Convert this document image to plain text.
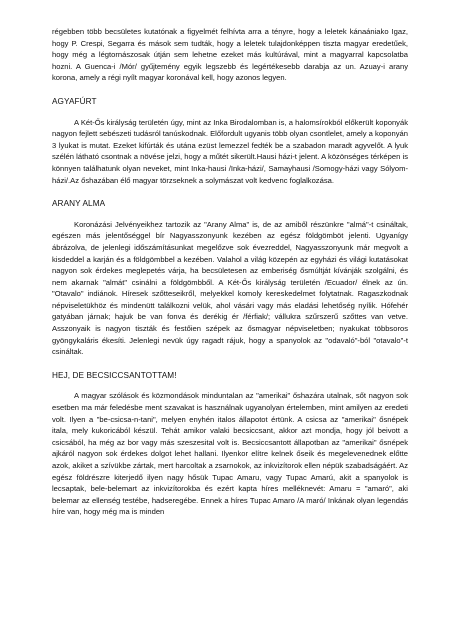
régebben több becsületes kutatónak a figyelmét felhívta arra a tényre, hogy a leletek kánaániako Igaz, hogy P. Crespi, Segarra és mások sem tudták, hogy a leletek tulajdonképpen tiszta magyar eredetűek, hogy még a légtornászosak útján sem lehetne ezeket más kultúrával, mint a magyarral kapcsolatba hozni. A Guenca-i /Mór/ gyűjtemény egyik legszebb és legértékesebb darabja az un. Azuay-i arany korona, amely a régi nyílt magyar koronával kell, hogy azonos legyen.

AGYAFÚRT

A Két-Ős királyság területén úgy, mint az Inka Birodalomban is, a halomsírokból előkerült koponyák nagyon fejlett sebészeti tudásról tanúskodnak. Előfordult ugyanis több olyan csontlelet, amely a koponyán 3 lyukat is mutat. Ezeket kifúrták és utána ezüst lemezzel fedték be a szabadon maradt agyvelőt. A lyuk szélén látható csontnak a növése jelzi, hogy a műtét sikerült.Hausi házi-t jelent. A közönséges térképen is könnyen találhatunk olyan neveket, mint Inka-hausi /Inka-házi/, Samayhausi /Somogy-házi vagy Sólyom-házi/.Az őshazában élő magyar törzseknek a solymászat volt kedvenc foglalkozása.

ARANY ALMA

Koronázási Jelvényeikhez tartozik az "Arany Alma" is, de az amiből részünkre "almá"-t csináltak, egészen más jelentőséggel bír Nagyasszonyunk kezében az egész földgömböt jelenti. Ugyanígy ábrázolva, de jelenlegi időszámításunkat megelőzve sok évezreddel, Nagyasszonyunk már megvolt a kisdeddel a karján és a földgömbbel a kezében. Valahol a világ közepén az egyházi és világi kutatásokat nagyon sok érdekes meglepetés várja, ha becsületesen az emberiség ősmúltját kívánják szolgálni, és nem akarnak "almát" csinálni a földgömbből. A Két-Ős királyság területén /Ecuador/ élnek az ún. "Otavalo" indiánok. Híresek szőtteseikről, melyekkel komoly kereskedelmet folytatnak. Ragaszkodnak népviseletükhöz és mindenütt találkozni velük, ahol vásári vagy más eladási lehetőség nyílik. Hófehér gatyában járnak; hajuk be van fonva és derékig ér /férfiak/; vállukra szűrszerű szőttes van vetve. Asszonyaik is nagyon tiszták és festőien szépek az ősmagyar népviseletben; nyakukat többsoros gyöngykaláris ékesíti. Jelenlegi nevük úgy ragadt rájuk, hogy a spanyolok az "odavaló"-ból "otavalo"-t csináltak.

HEJ, DE BECSICCSANTOTTAM!

A magyar szólások és közmondások minduntalan az "amerikai" őshazára utalnak, sőt nagyon sok esetben ma már feledésbe ment szavakat is használnak ugyanolyan értelemben, mint amilyen az eredeti volt. Ilyen a "be-csicsa-n-tani", melyen enyhén italos állapotot értünk. A csicsa az "amerikai" ősnépek itala, mely kukoricából készül. Tehát amikor valaki becsiccsant, akkor azt mondja, hogy jól beivott a csicsából, ha még az bor vagy más szeszesital volt is. Becsiccsantott állapotban az "amerikai" ősnépek ajkáról nagyon sok érdekes dolgot lehet hallani. Ilyenkor elítre kelnek őseik és megelevenednek előtte azok, akiket a szívükbe zártak, mert harcoltak a zsarnokok, az inkvizítorok ellen népük szabadságáért. Az egész földrészre kiterjedő ilyen nagy hősük Tupac Amaru, vagy Tupac Amarú, akit a spanyolok is lecsaptak, bele-belemart az inkvizítorokba és ezért kapta híres melléknevét: Amaru = "amaró", aki belemar az ellenség testébe, hadseregébe. Ennek a híres Tupac Amaro /A maró/ Inkának olyan legendás híre van, hogy még ma is minden
